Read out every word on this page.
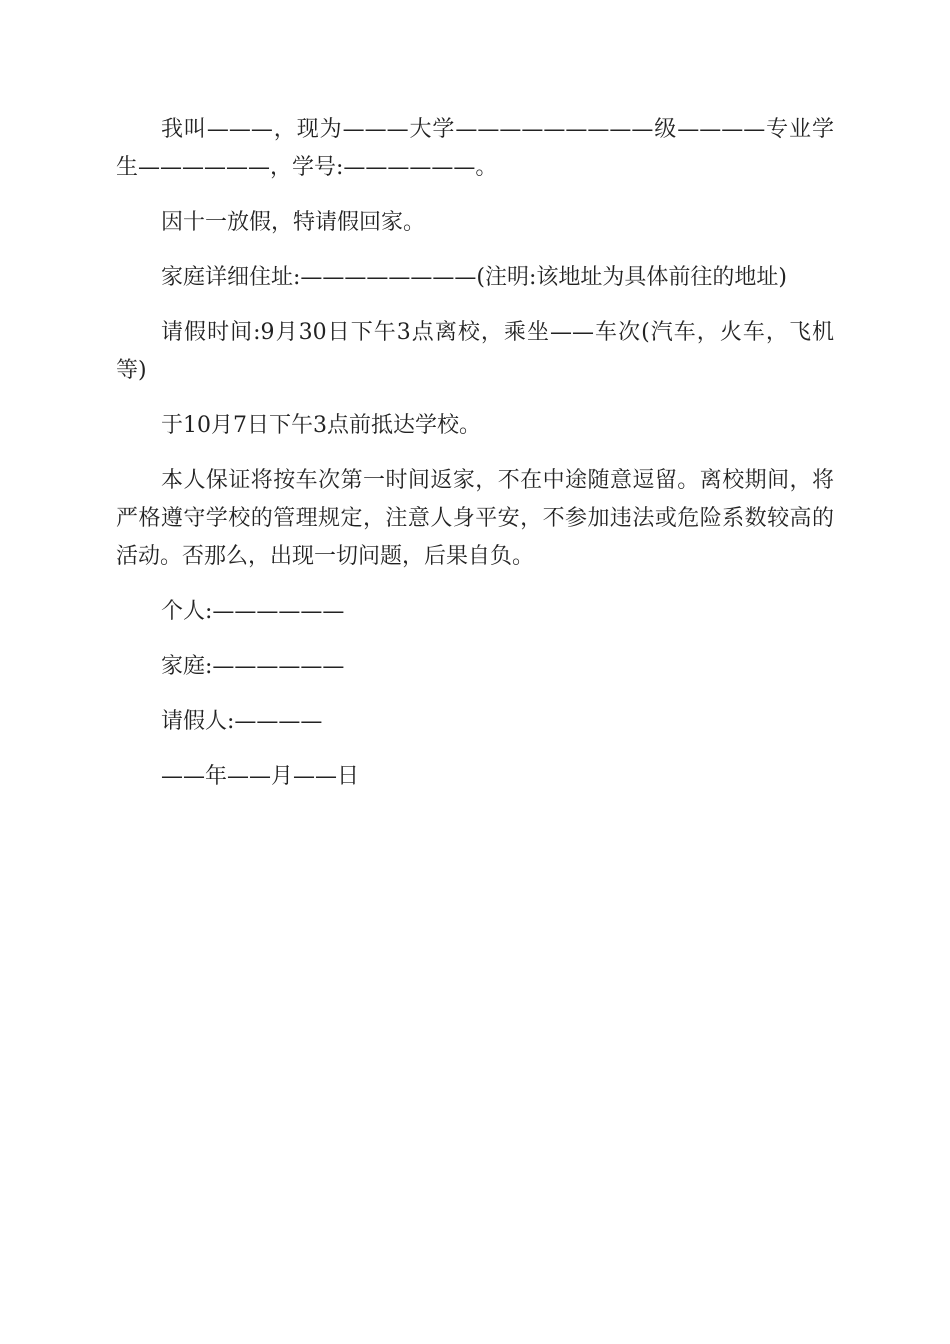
我叫———，现为———大学—————————级————专业学生——————，学号:——————。

因十一放假，特请假回家。

家庭详细住址:————————(注明:该地址为具体前往的地址)

请假时间:9月30日下午3点离校，乘坐——车次(汽车，火车，飞机等)

于10月7日下午3点前抵达学校。

本人保证将按车次第一时间返家，不在中途随意逗留。离校期间，将严格遵守学校的管理规定，注意人身平安，不参加违法或危险系数较高的活动。否那么，出现一切问题，后果自负。

个人:——————

家庭:——————

请假人:————

——年——月——日
